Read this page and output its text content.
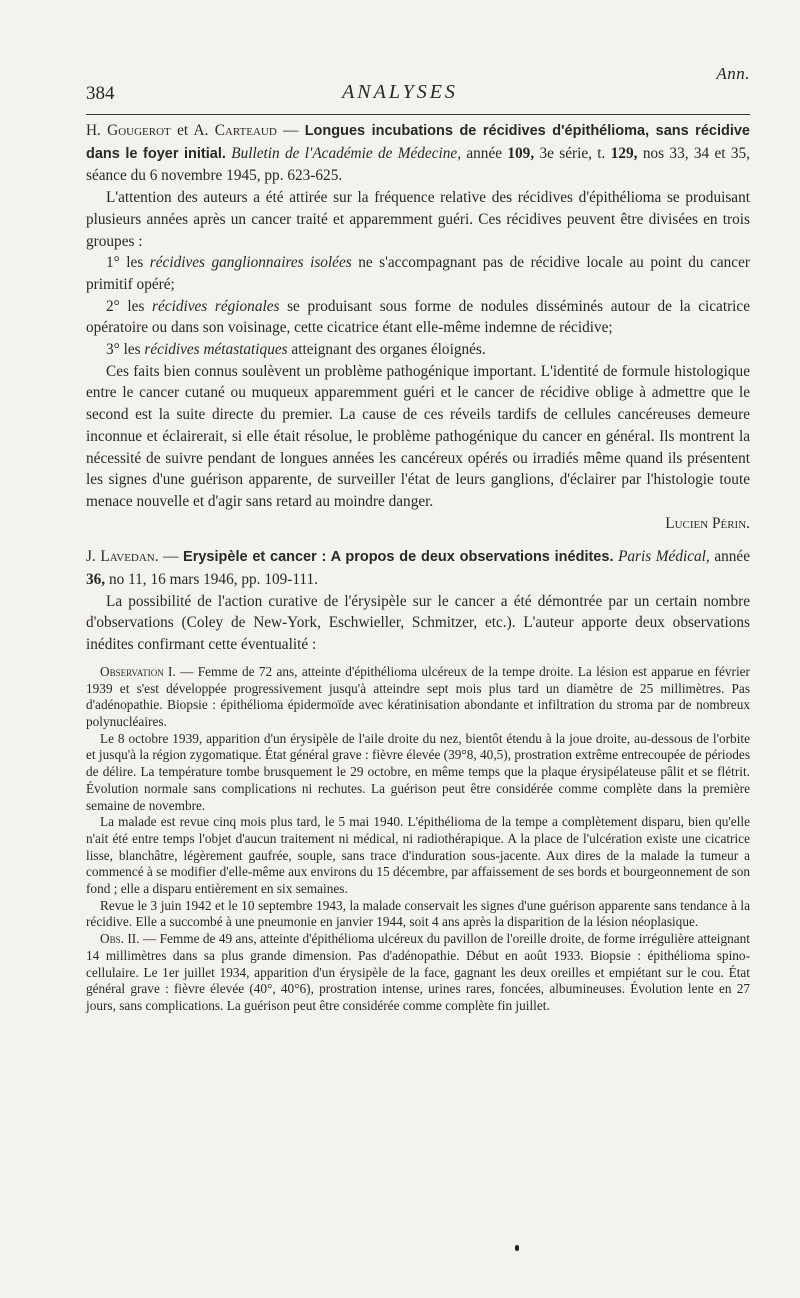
Ann.
384	ANALYSES

H. Gougerot et A. Carteaud — Longues incubations de récidives d'épithélioma, sans récidive dans le foyer initial. Bulletin de l'Académie de Médecine, année 109, 3e série, t. 129, nos 33, 34 et 35, séance du 6 novembre 1945, pp. 623-625.

L'attention des auteurs a été attirée sur la fréquence relative des récidives d'épithélioma se produisant plusieurs années après un cancer traité et apparemment guéri. Ces récidives peuvent être divisées en trois groupes :

1° les récidives ganglionnaires isolées ne s'accompagnant pas de récidive locale au point du cancer primitif opéré;

2° les récidives régionales se produisant sous forme de nodules disséminés autour de la cicatrice opératoire ou dans son voisinage, cette cicatrice étant elle-même indemne de récidive;

3° les récidives métastatiques atteignant des organes éloignés.

Ces faits bien connus soulèvent un problème pathogénique important. L'identité de formule histologique entre le cancer cutané ou muqueux apparemment guéri et le cancer de récidive oblige à admettre que le second est la suite directe du premier. La cause de ces réveils tardifs de cellules cancéreuses demeure inconnue et éclairerait, si elle était résolue, le problème pathogénique du cancer en général. Ils montrent la nécessité de suivre pendant de longues années les cancéreux opérés ou irradiés même quand ils présentent les signes d'une guérison apparente, de surveiller l'état de leurs ganglions, d'éclairer par l'histologie toute menace nouvelle et d'agir sans retard au moindre danger.

Lucien Périn.

J. Lavedan. — Erysipèle et cancer : A propos de deux observations inédites. Paris Médical, année 36, no 11, 16 mars 1946, pp. 109-111.

La possibilité de l'action curative de l'érysipèle sur le cancer a été démontrée par un certain nombre d'observations (Coley de New-York, Eschwieller, Schmitzer, etc.). L'auteur apporte deux observations inédites confirmant cette éventualité :

Observation I. — Femme de 72 ans, atteinte d'épithélioma ulcéreux de la tempe droite. La lésion est apparue en février 1939 et s'est développée progressivement jusqu'à atteindre sept mois plus tard un diamètre de 25 millimètres. Pas d'adénopathie. Biopsie : épithélioma épidermoïde avec kératinisation abondante et infiltration du stroma par de nombreux polynucléaires.

Le 8 octobre 1939, apparition d'un érysipèle de l'aile droite du nez, bientôt étendu à la joue droite, au-dessous de l'orbite et jusqu'à la région zygomatique. État général grave : fièvre élevée (39°8, 40,5), prostration extrême entrecoupée de périodes de délire. La température tombe brusquement le 29 octobre, en même temps que la plaque érysipélateuse pâlit et se flétrit. Évolution normale sans complications ni rechutes. La guérison peut être considérée comme complète dans la première semaine de novembre.

La malade est revue cinq mois plus tard, le 5 mai 1940. L'épithélioma de la tempe a complètement disparu, bien qu'elle n'ait été entre temps l'objet d'aucun traitement ni médical, ni radiothérapique. A la place de l'ulcération existe une cicatrice lisse, blanchâtre, légèrement gaufrée, souple, sans trace d'induration sous-jacente. Aux dires de la malade la tumeur a commencé à se modifier d'elle-même aux environs du 15 décembre, par affaissement de ses bords et bourgeonnement de son fond ; elle a disparu entièrement en six semaines.

Revue le 3 juin 1942 et le 10 septembre 1943, la malade conservait les signes d'une guérison apparente sans tendance à la récidive. Elle a succombé à une pneumonie en janvier 1944, soit 4 ans après la disparition de la lésion néoplasique.

Obs. II. — Femme de 49 ans, atteinte d'épithélioma ulcéreux du pavillon de l'oreille droite, de forme irrégulière atteignant 14 millimètres dans sa plus grande dimension. Pas d'adénopathie. Début en août 1933. Biopsie : épithélioma spino-cellulaire. Le 1er juillet 1934, apparition d'un érysipèle de la face, gagnant les deux oreilles et empiétant sur le cou. État général grave : fièvre élevée (40°, 40°6), prostration intense, urines rares, foncées, albumineuses. Évolution lente en 27 jours, sans complications. La guérison peut être considérée comme complète fin juillet.
